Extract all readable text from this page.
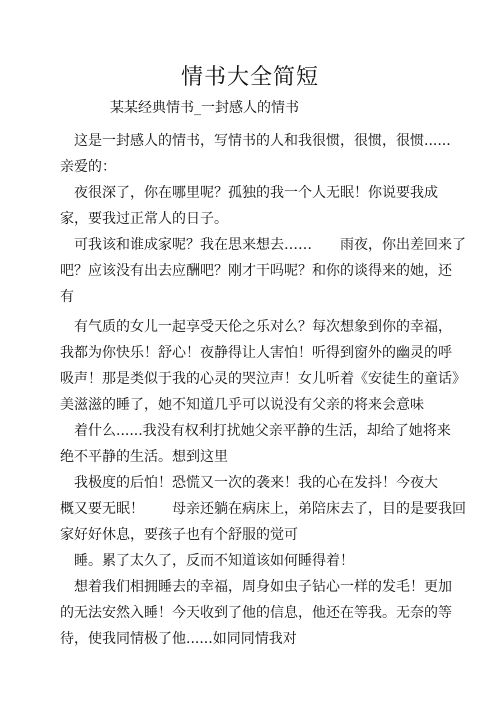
情书大全简短
某某经典情书_一封感人的情书
　这是一封感人的情书，写情书的人和我很惯，很惯，很惯......
亲爱的：
　夜很深了，你在哪里呢？孤独的我一个人无眠！你说要我成
家，要我过正常人的日子。
　可我该和谁成家呢？我在思来想去……　　雨夜，你出差回来了
吧？应该没有出去应酬吧？刚才干吗呢？和你的谈得来的她，还
有
　有气质的女儿一起享受天伦之乐对么？每次想象到你的幸福，
我都为你快乐！舒心！夜静得让人害怕！听得到窗外的幽灵的呼
吸声！那是类似于我的心灵的哭泣声！女儿听着《安徒生的童话》
美滋滋的睡了，她不知道几乎可以说没有父亲的将来会意味
　着什么......我没有权利打扰她父亲平静的生活，却给了她将来
绝不平静的生活。想到这里
　我极度的后怕！恐慌又一次的袭来！我的心在发抖！今夜大
概又要无眠！　　母亲还躺在病床上，弟陪床去了，目的是要我回
家好好休息，要孩子也有个舒服的觉可
　睡。累了太久了，反而不知道该如何睡得着！
　想着我们相拥睡去的幸福，周身如虫子钻心一样的发毛！更加
的无法安然入睡！今天收到了他的信息，他还在等我。无奈的等
待，使我同情极了他......如同同情我对
